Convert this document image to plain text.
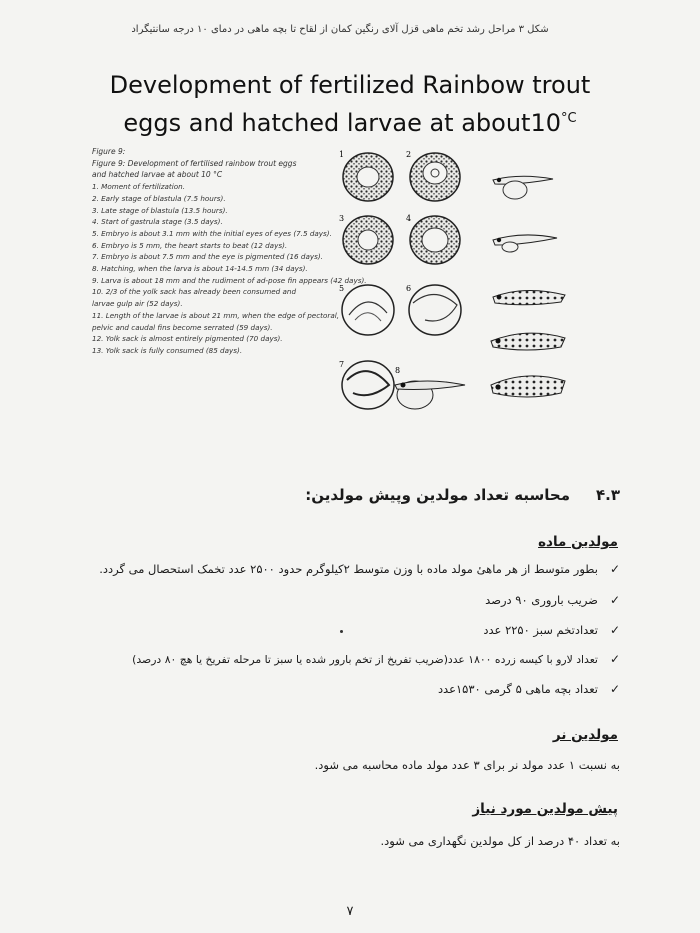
شکل ۳ مراحل رشد تخم ماهی قزل آلای رنگین کمان از لقاح تا بچه ماهی در دمای ۱۰ درجه سانتیگراد
Development of fertilized Rainbow trout
eggs and hatched larvae at $about10^{^\circ C}$
Figure 9:
Figure 9: Development of fertilised rainbow trout eggs
and hatched larvae at about 10 °C
1. Moment of fertilization.
2. Early stage of blastula (7.5 hours).
3. Late stage of blastula (13.5 hours).
4. Start of gastrula stage (3.5 days).
5. Embryo is about 3.1 mm with the initial eyes of eyes (7.5 days).
6. Embryo is 5 mm, the heart starts to beat (12 days).
7. Embryo is about 7.5 mm and the eye is pigmented (16 days).
8. Hatching, when the larva is about 14-14.5 mm (34 days).
9. Larva is about 18 mm and the rudiment of ad-pose fin appears (42 days).
10. 2/3 of the yolk sack has already been consumed and
larvae gulp air (52 days).
11. Length of the larvae is about 21 mm, when the edge of pectoral,
pelvic and caudal fins become serrated (59 days).
12. Yolk sack is almost entirely pigmented (70 days).
13. Yolk sack is fully consumed (85 days).
1	2
3	4
5	6
7
8
۴.۳محاسبه تعداد مولدین وپیش مولدین:
مولدین ماده
✓بطور متوسط از هر ماهیٔ مولد ماده با وزن متوسط ۲کیلوگرم حدود ۲۵۰۰ عدد تخمک استحصال می گردد.
✓ضریب باروری ۹۰ درصد
✓تعدادتخم سبز ۲۲۵۰ عدد
✓تعداد لارو با کیسه زرده ۱۸۰۰ عدد(ضریب تفریخ از تخم بارور شده یا سبز تا مرحله تفریخ یا هچ ۸۰ درصد)
✓تعداد بچه ماهی ۵ گرمی ۱۵۳۰عدد
مولدین نر
به نسبت ۱ عدد مولد نر برای ۳ عدد مولد ماده محاسبه می شود.
پیش مولدین مورد نیاز
به تعداد ۴۰ درصد از کل مولدین نگهداری می شود.
۷
